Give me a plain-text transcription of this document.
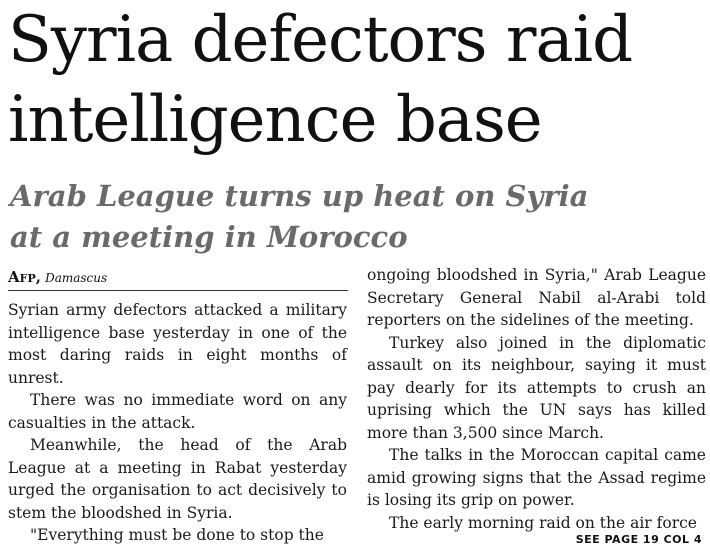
Syria defectors raid
intelligence base
Arab League turns up heat on Syria
at a meeting in Morocco
Afp, Damascus

Syrian army defectors attacked a military intelligence base yesterday in one of the most daring raids in eight months of unrest.

There was no immediate word on any casualties in the attack.

Meanwhile, the head of the Arab League at a meeting in Rabat yesterday urged the organisation to act decisively to stem the bloodshed in Syria.

"Everything must be done to stop the

ongoing bloodshed in Syria," Arab League Secretary General Nabil al-Arabi told reporters on the sidelines of the meeting.

Turkey also joined in the diplomatic assault on its neighbour, saying it must pay dearly for its attempts to crush an uprising which the UN says has killed more than 3,500 since March.

The talks in the Moroccan capital came amid growing signs that the Assad regime is losing its grip on power.

The early morning raid on the air force

SEE PAGE 19 COL 4
